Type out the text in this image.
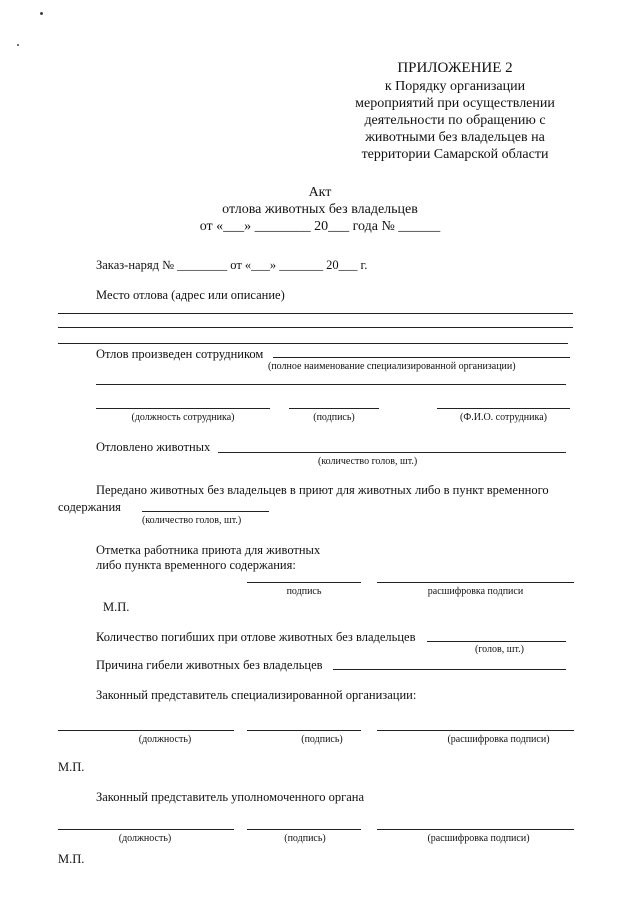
ПРИЛОЖЕНИЕ 2
к Порядку организации
мероприятий при осуществлении
деятельности по обращению с
животными без владельцев на
территории Самарской области
Акт
отлова животных без владельцев
от «___» ________ 20___ года № ______
Заказ-наряд № ________ от «___» _______ 20___ г.
Место отлова (адрес или описание)
Отлов произведен сотрудником
(полное наименование специализированной организации)
(должность сотрудника)	(подпись)	(Ф.И.О. сотрудника)
Отловлено животных
(количество голов, шт.)
Передано животных без владельцев в приют для животных либо в пункт временного
содержания
(количество голов, шт.)
Отметка работника приюта для животных
либо пункта временного содержания:
подпись	расшифровка подписи
М.П.
Количество погибших при отлове животных без владельцев
(голов, шт.)
Причина гибели животных без владельцев
Законный представитель специализированной организации:
(должность)	(подпись)	(расшифровка подписи)
М.П.
Законный представитель уполномоченного органа
(должность)	(подпись)	(расшифровка подписи)
М.П.
